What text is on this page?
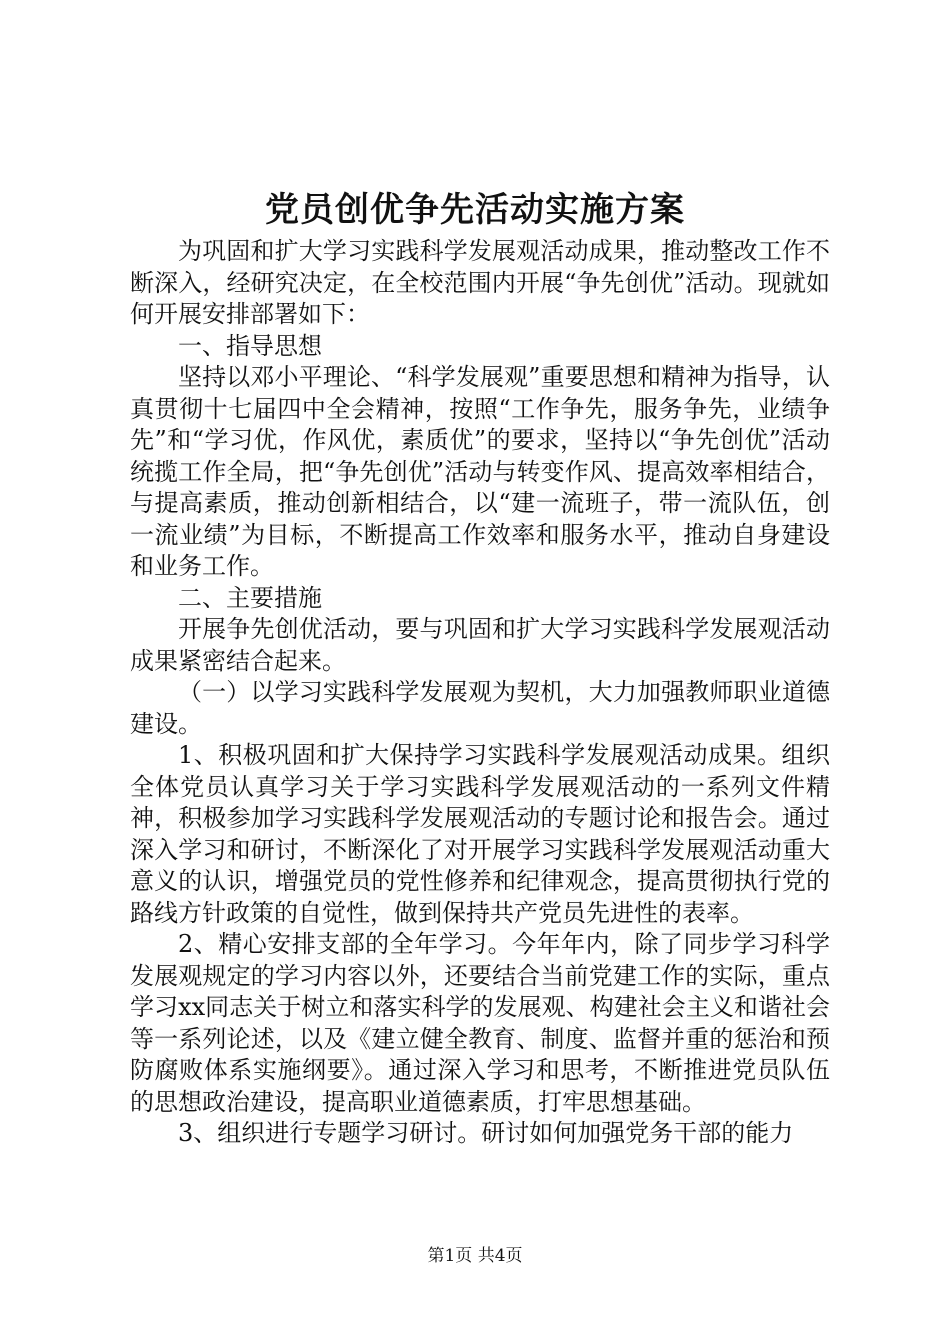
党员创优争先活动实施方案

为巩固和扩大学习实践科学发展观活动成果，推动整改工作不断深入，经研究决定，在全校范围内开展“争先创优”活动。现就如何开展安排部署如下：

一、指导思想

坚持以邓小平理论、“科学发展观”重要思想和精神为指导，认真贯彻十七届四中全会精神，按照“工作争先，服务争先，业绩争先”和“学习优，作风优，素质优”的要求，坚持以“争先创优”活动统揽工作全局，把“争先创优”活动与转变作风、提高效率相结合，与提高素质，推动创新相结合，以“建一流班子，带一流队伍，创一流业绩”为目标，不断提高工作效率和服务水平，推动自身建设和业务工作。

二、主要措施

开展争先创优活动，要与巩固和扩大学习实践科学发展观活动成果紧密结合起来。

（一）以学习实践科学发展观为契机，大力加强教师职业道德建设。

1、积极巩固和扩大保持学习实践科学发展观活动成果。组织全体党员认真学习关于学习实践科学发展观活动的一系列文件精神，积极参加学习实践科学发展观活动的专题讨论和报告会。通过深入学习和研讨，不断深化了对开展学习实践科学发展观活动重大意义的认识，增强党员的党性修养和纪律观念，提高贯彻执行党的路线方针政策的自觉性，做到保持共产党员先进性的表率。

2、精心安排支部的全年学习。今年年内，除了同步学习科学发展观规定的学习内容以外，还要结合当前党建工作的实际，重点学习xx同志关于树立和落实科学的发展观、构建社会主义和谐社会等一系列论述，以及《建立健全教育、制度、监督并重的惩治和预防腐败体系实施纲要》。通过深入学习和思考，不断推进党员队伍的思想政治建设，提高职业道德素质，打牢思想基础。

3、组织进行专题学习研讨。研讨如何加强党务干部的能力

第1页 共4页
